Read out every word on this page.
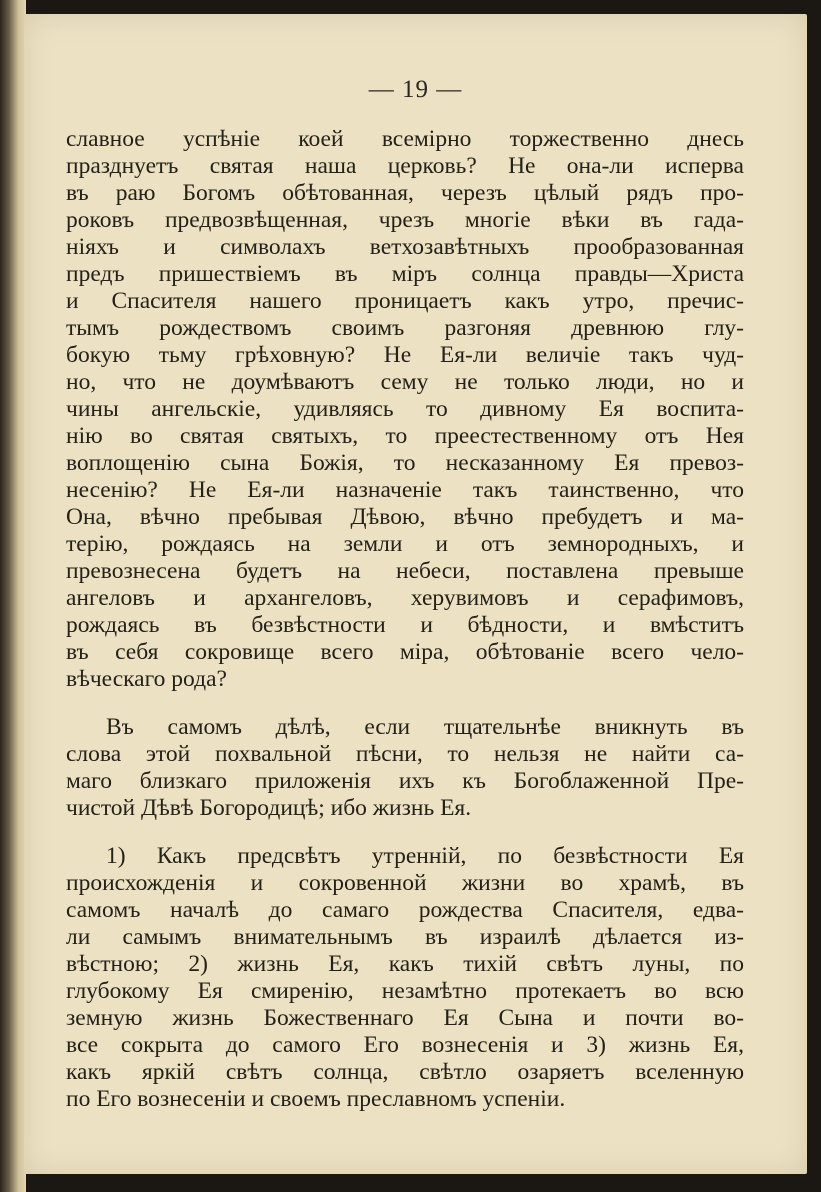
— 19 —
славное успѣніе коей всемірно торжественно днесь
празднуетъ святая наша церковь? Не она-ли исперва
въ раю Богомъ обѣтованная, черезъ цѣлый рядъ про-
роковъ предвозвѣщенная, чрезъ многіе вѣки въ гада-
ніяхъ и символахъ ветхозавѣтныхъ прообразованная
предъ пришествіемъ въ міръ солнца правды—Христа
и Спасителя нашего проницаетъ какъ утро, пречис-
тымъ рождествомъ своимъ разгоняя древнюю глу-
бокую тьму грѣховную? Не Ея-ли величіе такъ чуд-
но, что не доумѣваютъ сему не только люди, но и
чины ангельскіе, удивляясь то дивному Ея воспита-
нію во святая святыхъ, то преестественному отъ Нея
воплощенію сына Божія, то несказанному Ея превоз-
несенію? Не Ея-ли назначеніе такъ таинственно, что
Она, вѣчно пребывая Дѣвою, вѣчно пребудетъ и ма-
терію, рождаясь на земли и отъ земнородныхъ, и
превознесена будетъ на небеси, поставлена превыше
ангеловъ и архангеловъ, херувимовъ и серафимовъ,
рождаясь въ безвѣстности и бѣдности, и вмѣститъ
въ себя сокровище всего міра, обѣтованіе всего чело-
вѣческаго рода?
Въ самомъ дѣлѣ, если тщательнѣе вникнуть въ
слова этой похвальной пѣсни, то нельзя не найти са-
маго близкаго приложенія ихъ къ Богоблаженной Пре-
чистой Дѣвѣ Богородицѣ; ибо жизнь Ея.
1) Какъ предсвѣтъ утренній, по безвѣстности Ея
происхожденія и сокровенной жизни во храмѣ, въ
самомъ началѣ до самаго рождества Спасителя, едва-
ли самымъ внимательнымъ въ израилѣ дѣлается из-
вѣстною; 2) жизнь Ея, какъ тихій свѣтъ луны, по
глубокому Ея смиренію, незамѣтно протекаетъ во всю
земную жизнь Божественнаго Ея Сына и почти во-
все сокрыта до самого Его вознесенія и 3) жизнь Ея,
какъ яркій свѣтъ солнца, свѣтло озаряетъ вселенную
по Его вознесеніи и своемъ преславномъ успеніи.
